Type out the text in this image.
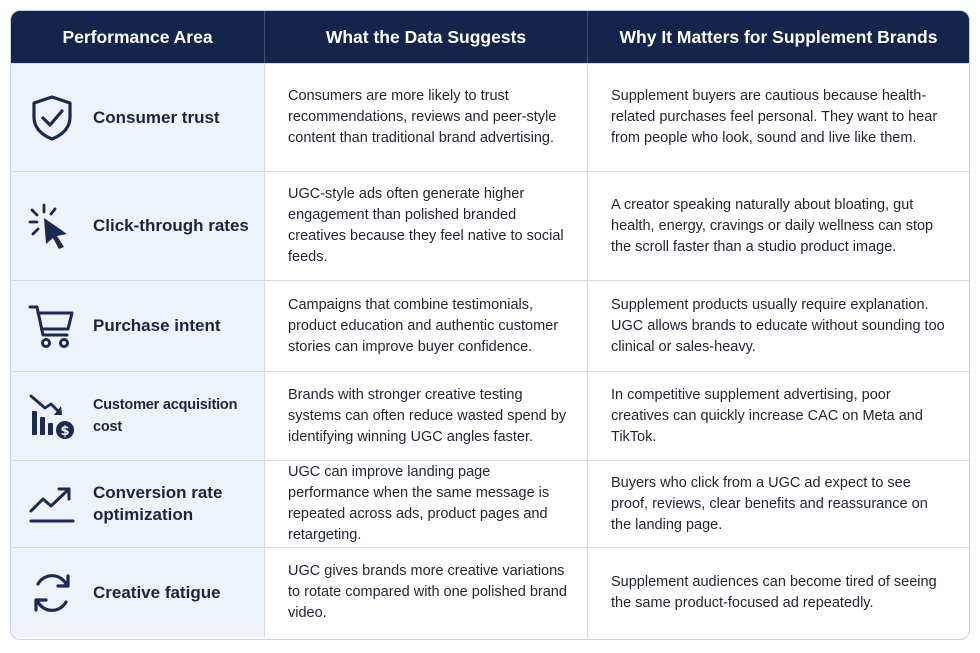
Performance Area	What the Data Suggests	Why It Matters for Supplement Brands
Consumer trust
Consumers are more likely to trust recommendations, reviews and peer-style content than traditional brand advertising.
Supplement buyers are cautious because health-related purchases feel personal. They want to hear from people who look, sound and live like them.
Click-through rates
UGC-style ads often generate higher engagement than polished branded creatives because they feel native to social feeds.
A creator speaking naturally about bloating, gut health, energy, cravings or daily wellness can stop the scroll faster than a studio product image.
Purchase intent
Campaigns that combine testimonials, product education and authentic customer stories can improve buyer confidence.
Supplement products usually require explanation. UGC allows brands to educate without sounding too clinical or sales-heavy.
$
Customer acquisition cost
Brands with stronger creative testing systems can often reduce wasted spend by identifying winning UGC angles faster.
In competitive supplement advertising, poor creatives can quickly increase CAC on Meta and TikTok.
Conversion rate optimization
UGC can improve landing page performance when the same message is repeated across ads, product pages and retargeting.
Buyers who click from a UGC ad expect to see proof, reviews, clear benefits and reassurance on the landing page.
Creative fatigue
UGC gives brands more creative variations to rotate compared with one polished brand video.
Supplement audiences can become tired of seeing the same product-focused ad repeatedly.
